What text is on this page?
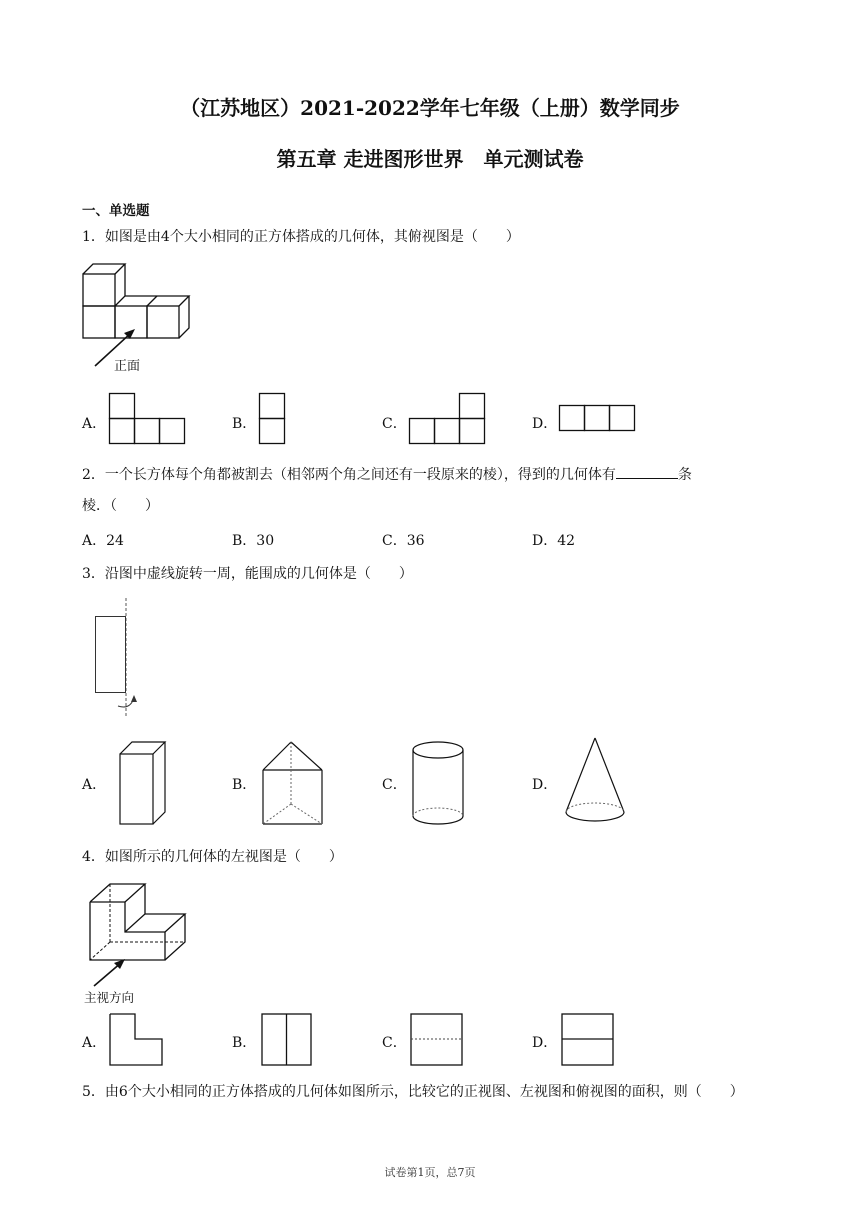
（江苏地区）2021-2022学年七年级（上册）数学同步
第五章 走进图形世界　单元测试卷
一、单选题
1．如图是由4个大小相同的正方体搭成的几何体，其俯视图是（　　）
正面
A．	B．	C．	D．
2．一个长方体每个角都被割去（相邻两个角之间还有一段原来的棱），得到的几何体有	条
棱．（　　）
A．24	B．30	C．36	D．42
3．沿图中虚线旋转一周，能围成的几何体是（　　）
A．	B．	C．	D．
4．如图所示的几何体的左视图是（　　）
主视方向
A．	B．	C．	D．
5．由6个大小相同的正方体搭成的几何体如图所示，比较它的正视图、左视图和俯视图的面积，则（　　）
试卷第1页，总7页
